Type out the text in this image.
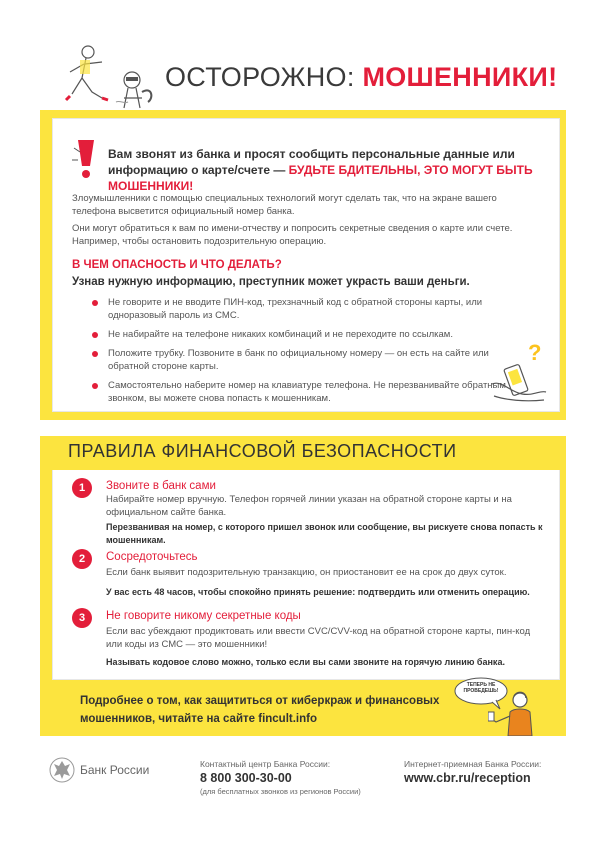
ОСТОРОЖНО: МОШЕННИКИ!
Вам звонят из банка и просят сообщить персональные данные или информацию о карте/счете — БУДЬТЕ БДИТЕЛЬНЫ, ЭТО МОГУТ БЫТЬ МОШЕННИКИ!
Злоумышленники с помощью специальных технологий могут сделать так, что на экране вашего телефона высветится официальный номер банка.
Они могут обратиться к вам по имени-отчеству и попросить секретные сведения о карте или счете. Например, чтобы остановить подозрительную операцию.
В ЧЕМ ОПАСНОСТЬ И ЧТО ДЕЛАТЬ?
Узнав нужную информацию, преступник может украсть ваши деньги.
Не говорите и не вводите ПИН-код, трехзначный код с обратной стороны карты, или одноразовый пароль из СМС.
Не набирайте на телефоне никаких комбинаций и не переходите по ссылкам.
Положите трубку. Позвоните в банк по официальному номеру — он есть на сайте или обратной стороне карты.
Самостоятельно наберите номер на клавиатуре телефона. Не перезванивайте обратным звонком, вы можете снова попасть к мошенникам.
?
ПРАВИЛА ФИНАНСОВОЙ БЕЗОПАСНОСТИ
1	Звоните в банк сами
Набирайте номер вручную. Телефон горячей линии указан на обратной стороне карты и на официальном сайте банка.
Перезванивая на номер, с которого пришел звонок или сообщение, вы рискуете снова попасть к мошенникам.
2	Сосредоточьтесь
Если банк выявит подозрительную транзакцию, он приостановит ее на срок до двух суток.
У вас есть 48 часов, чтобы спокойно принять решение: подтвердить или отменить операцию.
3	Не говорите никому секретные коды
Если вас убеждают продиктовать или ввести CVC/CVV-код на обратной стороне карты, пин-код или коды из СМС — это мошенники!
Называть кодовое слово можно, только если вы сами звоните на горячую линию банка.
Подробнее о том, как защититься от киберкраж и финансовых мошенников, читайте на сайте fincult.info
ТЕПЕРЬ НЕ ПРОВЕДЕШЬ!
Банк России	Контактный центр Банка России:
8 800 300-30-00
(для бесплатных звонков из регионов России)
Интернет-приемная Банка России:
www.cbr.ru/reception
